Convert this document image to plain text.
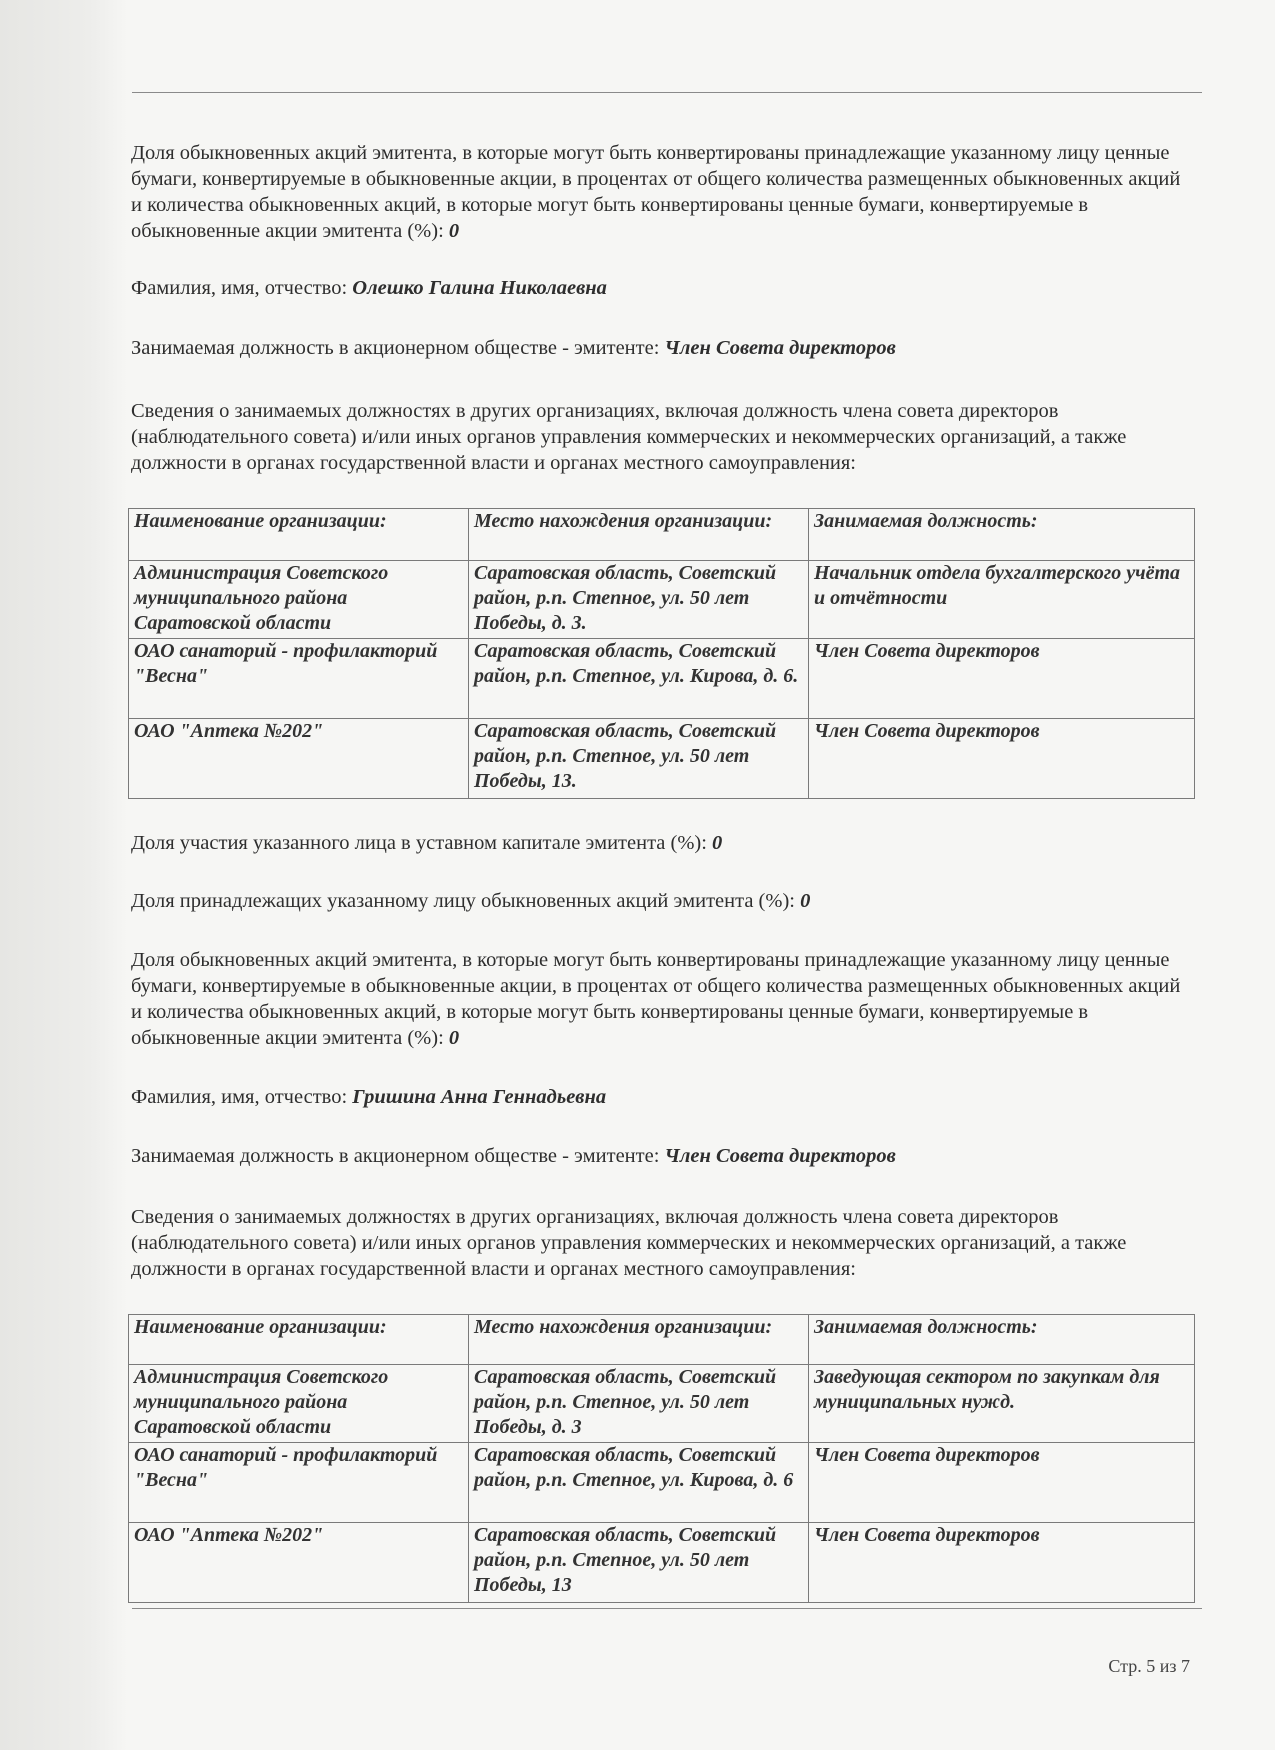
Доля обыкновенных акций эмитента, в которые могут быть конвертированы принадлежащие указанному лицу ценные бумаги, конвертируемые в обыкновенные акции, в процентах от общего количества размещенных обыкновенных акций и количества обыкновенных акций, в которые могут быть конвертированы ценные бумаги, конвертируемые в обыкновенные акции эмитента (%): 0
Фамилия, имя, отчество: Олешко Галина Николаевна
Занимаемая должность в акционерном обществе - эмитенте: Член Совета директоров
Сведения о занимаемых должностях в других организациях, включая должность члена совета директоров (наблюдательного совета) и/или иных органов управления коммерческих и некоммерческих организаций, а также должности в органах государственной власти и органах местного самоуправления:
Наименование организации:	Место нахождения организации:	Занимаемая должность:
Администрация Советского муниципального района Саратовской области	Саратовская область, Советский район, р.п. Степное, ул. 50 лет Победы, д. 3.	Начальник отдела бухгалтерского учёта и отчётности
ОАО санаторий - профилакторий "Весна"	Саратовская область, Советский район, р.п. Степное, ул. Кирова, д. 6.	Член Совета директоров
ОАО "Аптека №202"	Саратовская область, Советский район, р.п. Степное, ул. 50 лет Победы, 13.	Член Совета директоров
Доля участия указанного лица в уставном капитале эмитента (%): 0
Доля принадлежащих указанному лицу обыкновенных акций эмитента (%): 0
Доля обыкновенных акций эмитента, в которые могут быть конвертированы принадлежащие указанному лицу ценные бумаги, конвертируемые в обыкновенные акции, в процентах от общего количества размещенных обыкновенных акций и количества обыкновенных акций, в которые могут быть конвертированы ценные бумаги, конвертируемые в обыкновенные акции эмитента (%): 0
Фамилия, имя, отчество: Гришина Анна Геннадьевна
Занимаемая должность в акционерном обществе - эмитенте: Член Совета директоров
Сведения о занимаемых должностях в других организациях, включая должность члена совета директоров (наблюдательного совета) и/или иных органов управления коммерческих и некоммерческих организаций, а также должности в органах государственной власти и органах местного самоуправления:
Наименование организации:	Место нахождения организации:	Занимаемая должность:
Администрация Советского муниципального района Саратовской области	Саратовская область, Советский район, р.п. Степное, ул. 50 лет Победы, д. 3	Заведующая сектором по закупкам для муниципальных нужд.
ОАО санаторий - профилакторий "Весна"	Саратовская область, Советский район, р.п. Степное, ул. Кирова, д. 6	Член Совета директоров
ОАО "Аптека №202"	Саратовская область, Советский район, р.п. Степное, ул. 50 лет Победы, 13	Член Совета директоров
Стр. 5 из 7
